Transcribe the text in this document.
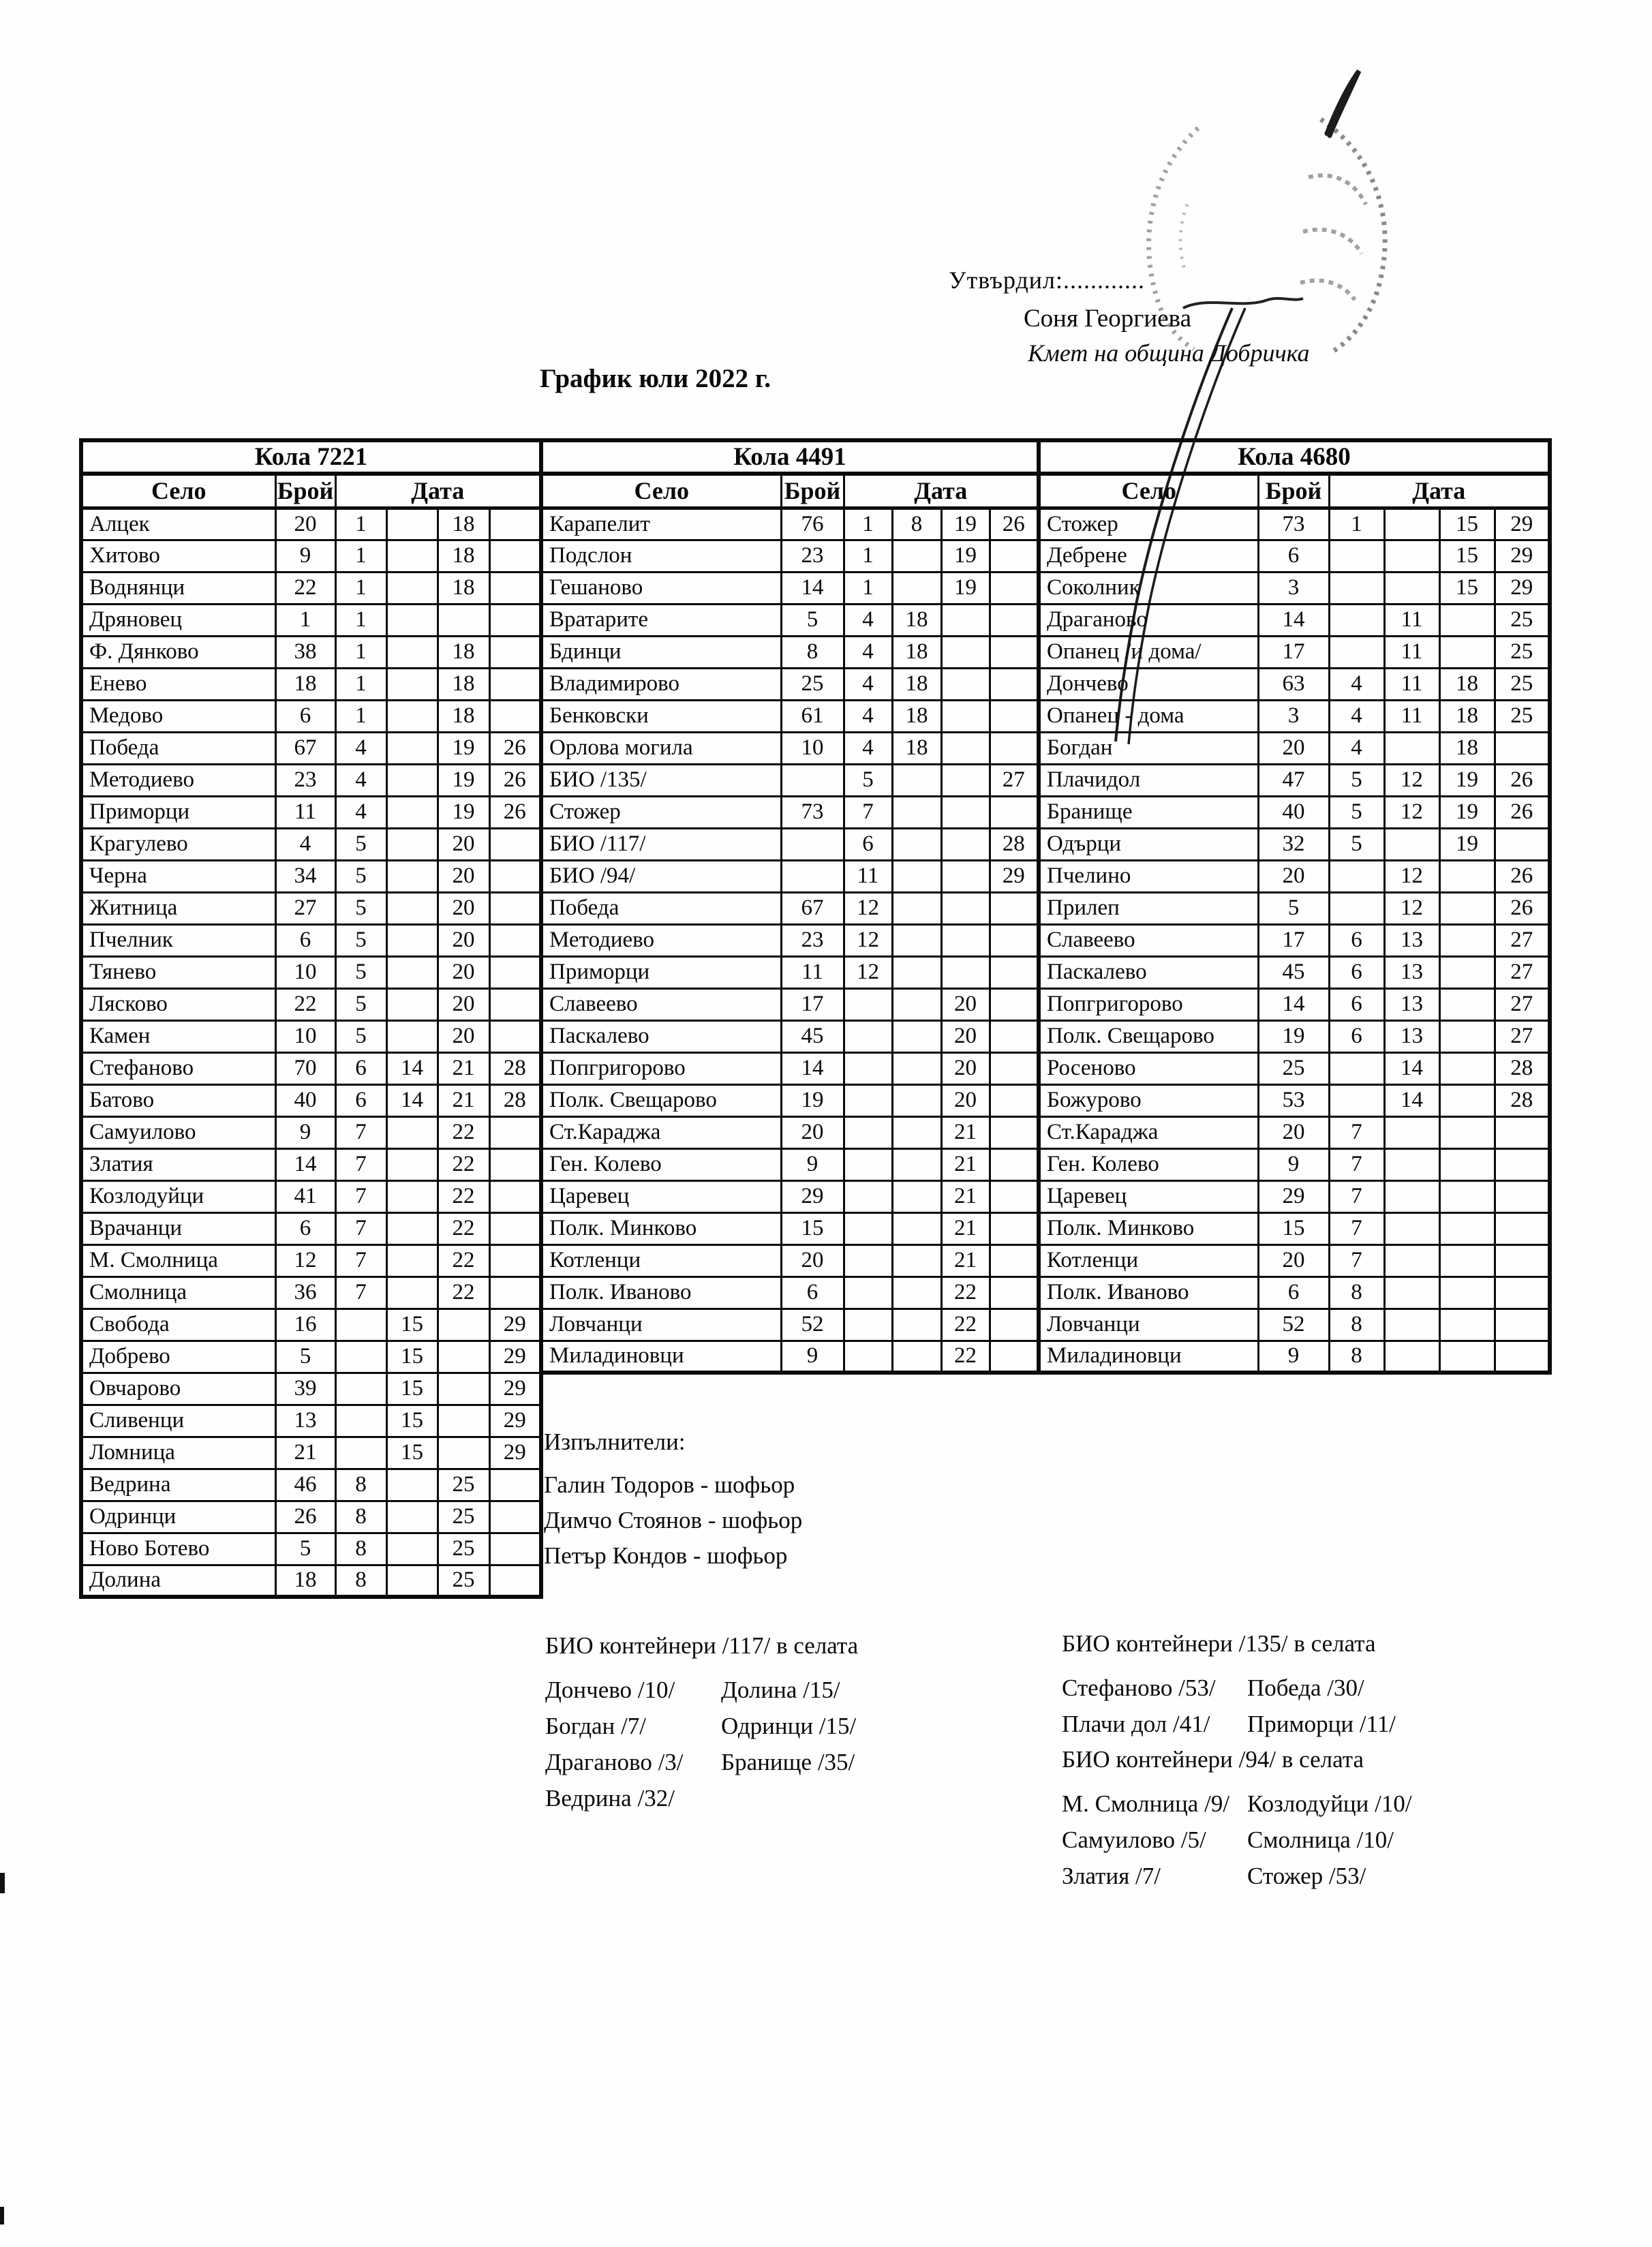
Утвърдил:............
Соня Георгиева
Кмет на община Добричка
График юли 2022 г.
Кола 7221					
Село	Брой	Дата			
Алцек	20	1		18	
Хитово	9	1		18	
Воднянци	22	1		18	
Дряновец	1	1			
Ф. Дянково	38	1		18	
Енево	18	1		18	
Медово	6	1		18	
Победа	67	4		19	26
Методиево	23	4		19	26
Приморци	11	4		19	26
Крагулево	4	5		20	
Черна	34	5		20	
Житница	27	5		20	
Пчелник	6	5		20	
Тянево	10	5		20	
Лясково	22	5		20	
Камен	10	5		20	
Стефаново	70	6	14	21	28
Батово	40	6	14	21	28
Самуилово	9	7		22	
Златия	14	7		22	
Козлодуйци	41	7		22	
Врачанци	6	7		22	
М. Смолница	12	7		22	
Смолница	36	7		22	
Свобода	16		15		29
Добрево	5		15		29
Овчарово	39		15		29
Сливенци	13		15		29
Ломница	21		15		29
Ведрина	46	8		25	
Одринци	26	8		25	
Ново Ботево	5	8		25	
Долина	18	8		25	
Кола 4491					
Село	Брой	Дата			
Карапелит	76	1	8	19	26
Подслон	23	1		19	
Гешаново	14	1		19	
Вратарите	5	4	18		
Бдинци	8	4	18		
Владимирово	25	4	18		
Бенковски	61	4	18		
Орлова могила	10	4	18		
БИО /135/		5			27
Стожер	73	7			
БИО /117/		6			28
БИО /94/		11			29
Победа	67	12			
Методиево	23	12			
Приморци	11	12			
Славеево	17			20	
Паскалево	45			20	
Попгригорово	14			20	
Полк. Свещарово	19			20	
Ст.Караджа	20			21	
Ген. Колево	9			21	
Царевец	29			21	
Полк. Минково	15			21	
Котленци	20			21	
Полк. Иваново	6			22	
Ловчанци	52			22	
Миладиновци	9			22	
Кола 4680					
Село	Брой	Дата			
Стожер	73	1		15	29
Дебрене	6			15	29
Соколник	3			15	29
Драганово	14		11		25
Опанец /и дома/	17		11		25
Дончево	63	4	11	18	25
Опанец - дома	3	4	11	18	25
Богдан	20	4		18	
Плачидол	47	5	12	19	26
Бранище	40	5	12	19	26
Одърци	32	5		19	
Пчелино	20		12		26
Прилеп	5		12		26
Славеево	17	6	13		27
Паскалево	45	6	13		27
Попгригорово	14	6	13		27
Полк. Свещарово	19	6	13		27
Росеново	25		14		28
Божурово	53		14		28
Ст.Караджа	20	7			
Ген. Колево	9	7			
Царевец	29	7			
Полк. Минково	15	7			
Котленци	20	7			
Полк. Иваново	6	8			
Ловчанци	52	8			
Миладиновци	9	8			
Изпълнители:
Галин Тодоров - шофьор
Димчо Стоянов - шофьор
Петър Кондов - шофьор
БИО контейнери /117/ в селата
Дончево /10/
Богдан /7/
Драганово /3/
Ведрина /32/
Долина /15/
Одринци /15/
Бранище /35/
БИО контейнери /135/ в селата
Стефаново /53/
Плачи дол /41/
Победа /30/
Приморци /11/
БИО контейнери /94/ в селата
М. Смолница /9/
Самуилово /5/
Златия /7/
Козлодуйци /10/
Смолница /10/
Стожер /53/
